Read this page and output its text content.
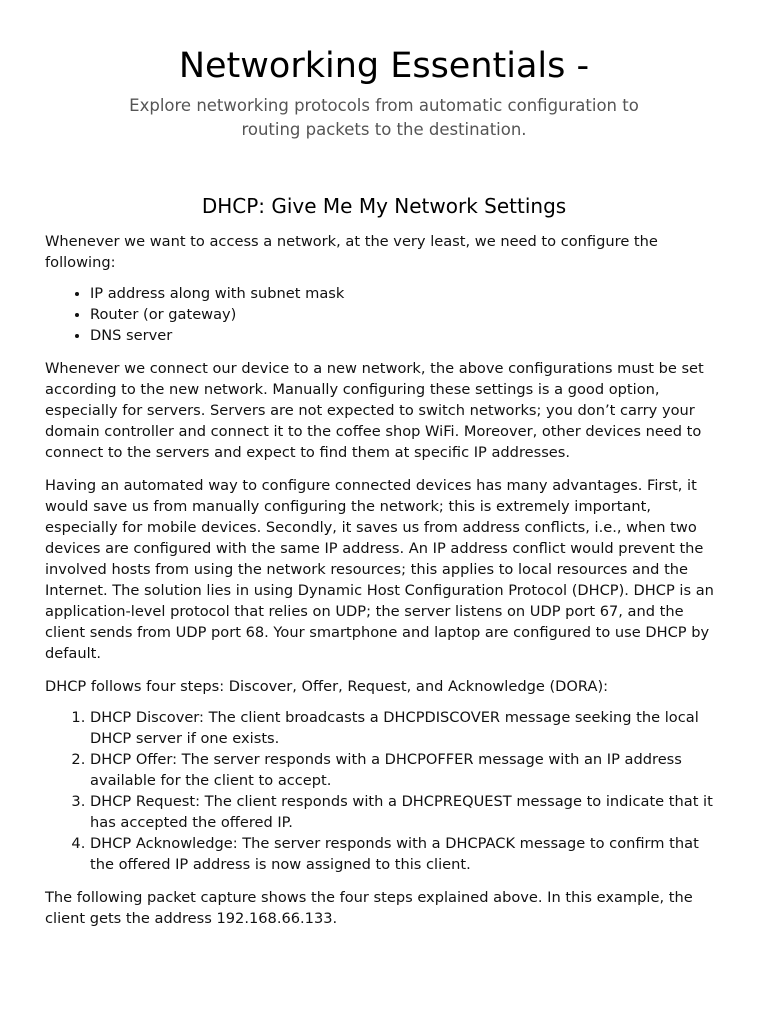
Networking Essentials -
Explore networking protocols from automatic configuration to routing packets to the destination.
DHCP: Give Me My Network Settings

Whenever we want to access a network, at the very least, we need to configure the following:

• IP address along with subnet mask
• Router (or gateway)
• DNS server

Whenever we connect our device to a new network, the above configurations must be set according to the new network. Manually configuring these settings is a good option, especially for servers. Servers are not expected to switch networks; you don’t carry your domain controller and connect it to the coffee shop WiFi. Moreover, other devices need to connect to the servers and expect to find them at specific IP addresses.

Having an automated way to configure connected devices has many advantages. First, it would save us from manually configuring the network; this is extremely important, especially for mobile devices. Secondly, it saves us from address conflicts, i.e., when two devices are configured with the same IP address. An IP address conflict would prevent the involved hosts from using the network resources; this applies to local resources and the Internet. The solution lies in using Dynamic Host Configuration Protocol (DHCP). DHCP is an application-level protocol that relies on UDP; the server listens on UDP port 67, and the client sends from UDP port 68. Your smartphone and laptop are configured to use DHCP by default.

DHCP follows four steps: Discover, Offer, Request, and Acknowledge (DORA):

1. DHCP Discover: The client broadcasts a DHCPDISCOVER message seeking the local DHCP server if one exists.
2. DHCP Offer: The server responds with a DHCPOFFER message with an IP address available for the client to accept.
3. DHCP Request: The client responds with a DHCPREQUEST message to indicate that it has accepted the offered IP.
4. DHCP Acknowledge: The server responds with a DHCPACK message to confirm that the offered IP address is now assigned to this client.

The following packet capture shows the four steps explained above. In this example, the client gets the address 192.168.66.133.
